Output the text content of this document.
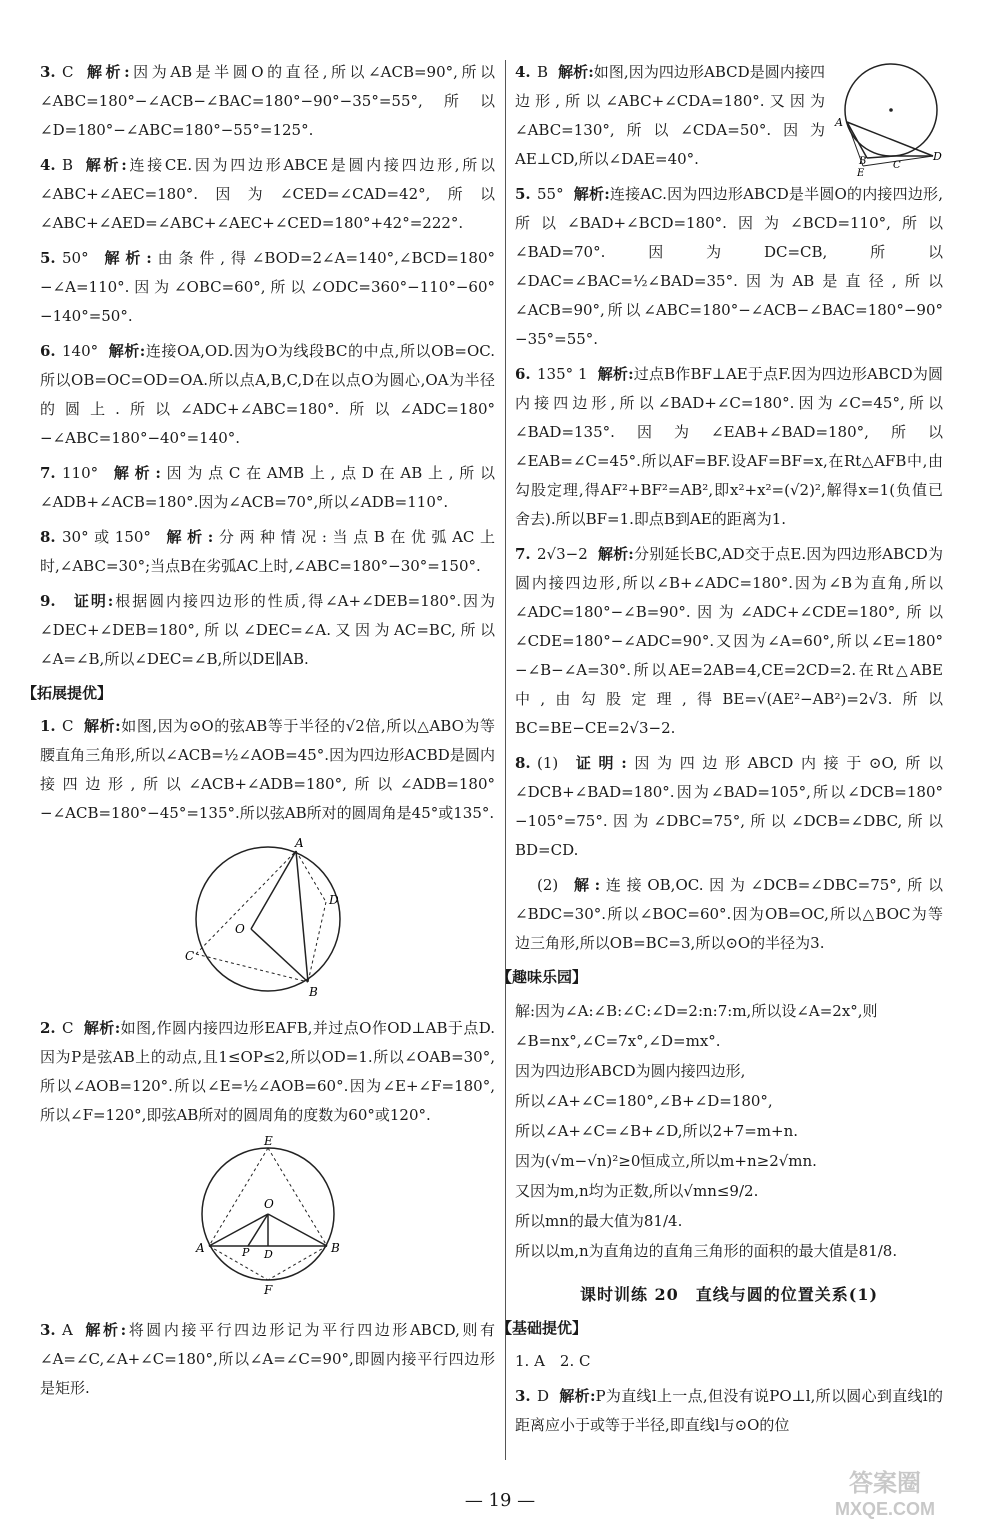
3. C 解析:因为AB是半圆O的直径,所以∠ACB=90°,所以∠ABC=180°−∠ACB−∠BAC=180°−90°−35°=55°,所以∠D=180°−∠ABC=180°−55°=125°.

4. B 解析:连接CE.因为四边形ABCE是圆内接四边形,所以∠ABC+∠AEC=180°.因为∠CED=∠CAD=42°,所以∠ABC+∠AED=∠ABC+∠AEC+∠CED=180°+42°=222°.

5. 50° 解析:由条件,得∠BOD=2∠A=140°,∠BCD=180°−∠A=110°.因为∠OBC=60°,所以∠ODC=360°−110°−60°−140°=50°.

6. 140° 解析:连接OA,OD.因为O为线段BC的中点,所以OB=OC.所以OB=OC=OD=OA.所以点A,B,C,D在以点O为圆心,OA为半径的圆上.所以∠ADC+∠ABC=180°.所以∠ADC=180°−∠ABC=180°−40°=140°.

7. 110° 解析:因为点C在AMB上,点D在AB上,所以∠ADB+∠ACB=180°.因为∠ACB=70°,所以∠ADB=110°.

8. 30°或150° 解析:分两种情况:当点B在优弧AC上时,∠ABC=30°;当点B在劣弧AC上时,∠ABC=180°−30°=150°.

9. 证明:根据圆内接四边形的性质,得∠A+∠DEB=180°.因为∠DEC+∠DEB=180°,所以∠DEC=∠A.又因为AC=BC,所以∠A=∠B,所以∠DEC=∠B,所以DE∥AB.

【拓展提优】

1. C 解析:如图,因为⊙O的弦AB等于半径的√2倍,所以△ABO为等腰直角三角形,所以∠ACB=½∠AOB=45°.因为四边形ACBD是圆内接四边形,所以∠ACB+∠ADB=180°,所以∠ADB=180°−∠ACB=180°−45°=135°.所以弦AB所对的圆周角是45°或135°.

A
D
O
C
B

2. C 解析:如图,作圆内接四边形EAFB,并过点O作OD⊥AB于点D.因为P是弦AB上的动点,且1≤OP≤2,所以OD=1.所以∠OAB=30°,所以∠AOB=120°.所以∠E=½∠AOB=60°.因为∠E+∠F=180°,所以∠F=120°,即弦AB所对的圆周角的度数为60°或120°.

E
O
A	P D	B
F

3. A 解析:将圆内接平行四边形记为平行四边形ABCD,则有∠A=∠C,∠A+∠C=180°,所以∠A=∠C=90°,即圆内接平行四边形是矩形.

A
B	C
D
E

4. B 解析:如图,因为四边形ABCD是圆内接四边形,所以∠ABC+∠CDA=180°.又因为∠ABC=130°,所以∠CDA=50°.因为AE⊥CD,所以∠DAE=40°.

5. 55° 解析:连接AC.因为四边形ABCD是半圆O的内接四边形,所以∠BAD+∠BCD=180°.因为∠BCD=110°,所以∠BAD=70°.因为DC=CB,所以∠DAC=∠BAC=½∠BAD=35°.因为AB是直径,所以∠ACB=90°,所以∠ABC=180°−∠ACB−∠BAC=180°−90°−35°=55°.

6. 135° 1 解析:过点B作BF⊥AE于点F.因为四边形ABCD为圆内接四边形,所以∠BAD+∠C=180°.因为∠C=45°,所以∠BAD=135°.因为∠EAB+∠BAD=180°,所以∠EAB=∠C=45°.所以AF=BF.设AF=BF=x,在Rt△AFB中,由勾股定理,得AF²+BF²=AB²,即x²+x²=(√2)²,解得x=1(负值已舍去).所以BF=1.即点B到AE的距离为1.

7. 2√3−2 解析:分别延长BC,AD交于点E.因为四边形ABCD为圆内接四边形,所以∠B+∠ADC=180°.因为∠B为直角,所以∠ADC=180°−∠B=90°.因为∠ADC+∠CDE=180°,所以∠CDE=180°−∠ADC=90°.又因为∠A=60°,所以∠E=180°−∠B−∠A=30°.所以AE=2AB=4,CE=2CD=2.在Rt△ABE中,由勾股定理,得BE=√(AE²−AB²)=2√3.所以BC=BE−CE=2√3−2.

8. (1) 证明:因为四边形ABCD内接于⊙O,所以∠DCB+∠BAD=180°.因为∠BAD=105°,所以∠DCB=180°−105°=75°.因为∠DBC=75°,所以∠DCB=∠DBC,所以BD=CD.

(2) 解:连接OB,OC.因为∠DCB=∠DBC=75°,所以∠BDC=30°.所以∠BOC=60°.因为OB=OC,所以△BOC为等边三角形,所以OB=BC=3,所以⊙O的半径为3.

【趣味乐园】

解:因为∠A:∠B:∠C:∠D=2:n:7:m,所以设∠A=2x°,则∠B=nx°,∠C=7x°,∠D=mx°.

因为四边形ABCD为圆内接四边形,

所以∠A+∠C=180°,∠B+∠D=180°,

所以∠A+∠C=∠B+∠D,所以2+7=m+n.

因为(√m−√n)²≥0恒成立,所以m+n≥2√mn.

又因为m,n均为正数,所以√mn≤9/2.

所以mn的最大值为81/4.

所以以m,n为直角边的直角三角形的面积的最大值是81/8.

课时训练 20　直线与圆的位置关系(1)
【基础提优】
1. A　2. C

3. D 解析:P为直线l上一点,但没有说PO⊥l,所以圆心到直线l的距离应小于或等于半径,即直线l与⊙O的位

— 19 —
答案圈
MXQE.COM
